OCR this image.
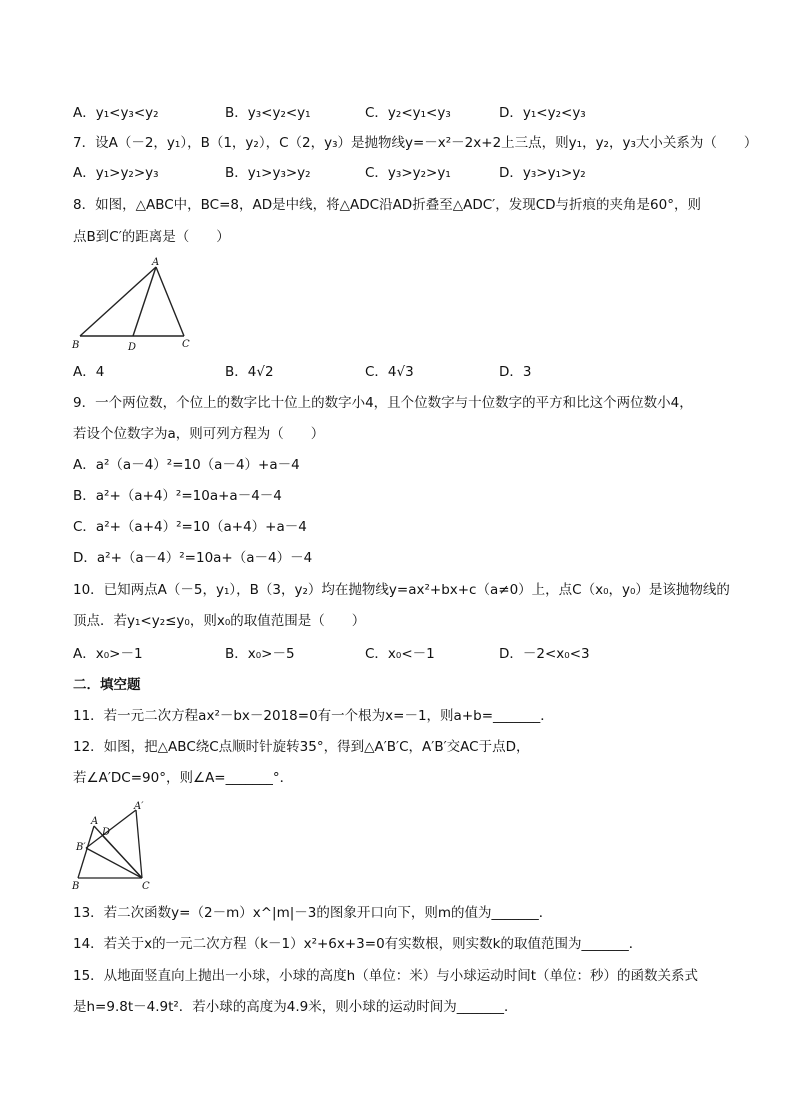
A．y₁<y₃<y₂	B．y₃<y₂<y₁	C．y₂<y₁<y₃	D．y₁<y₂<y₃
7．设A（－2，y₁），B（1，y₂），C（2，y₃）是抛物线y=－x²－2x+2上三点，则y₁，y₂，y₃大小关系为（　　）
A．y₁>y₂>y₃	B．y₁>y₃>y₂	C．y₃>y₂>y₁	D．y₃>y₁>y₂
8．如图，△ABC中，BC=8，AD是中线，将△ADC沿AD折叠至△ADC′，发现CD与折痕的夹角是60°，则
点B到C′的距离是（　　）
A
B	D	C
A．4	B．4√2	C．4√3	D．3
9．一个两位数，个位上的数字比十位上的数字小4，且个位数字与十位数字的平方和比这个两位数小4，
若设个位数字为a，则可列方程为（　　）
A．a²（a－4）²=10（a－4）+a－4
B．a²+（a+4）²=10a+a－4－4
C．a²+（a+4）²=10（a+4）+a－4
D．a²+（a－4）²=10a+（a－4）－4
10．已知两点A（－5，y₁），B（3，y₂）均在抛物线y=ax²+bx+c（a≠0）上，点C（x₀，y₀）是该抛物线的
顶点．若y₁<y₂≤y₀，则x₀的取值范围是（　　）
A．x₀>－1	B．x₀>－5	C．x₀<－1	D．－2<x₀<3
二．填空题
11．若一元二次方程ax²－bx－2018=0有一个根为x=－1，则a+b=_______．
12．如图，把△ABC绕C点顺时针旋转35°，得到△A′B′C，A′B′交AC于点D，
若∠A′DC=90°，则∠A=_______°．
A
A′
D
B′
B	C
13．若二次函数y=（2－m）x^|m|－3的图象开口向下，则m的值为_______．
14．若关于x的一元二次方程（k－1）x²+6x+3=0有实数根，则实数k的取值范围为_______．
15．从地面竖直向上抛出一小球，小球的高度h（单位：米）与小球运动时间t（单位：秒）的函数关系式
是h=9.8t－4.9t²．若小球的高度为4.9米，则小球的运动时间为_______．
